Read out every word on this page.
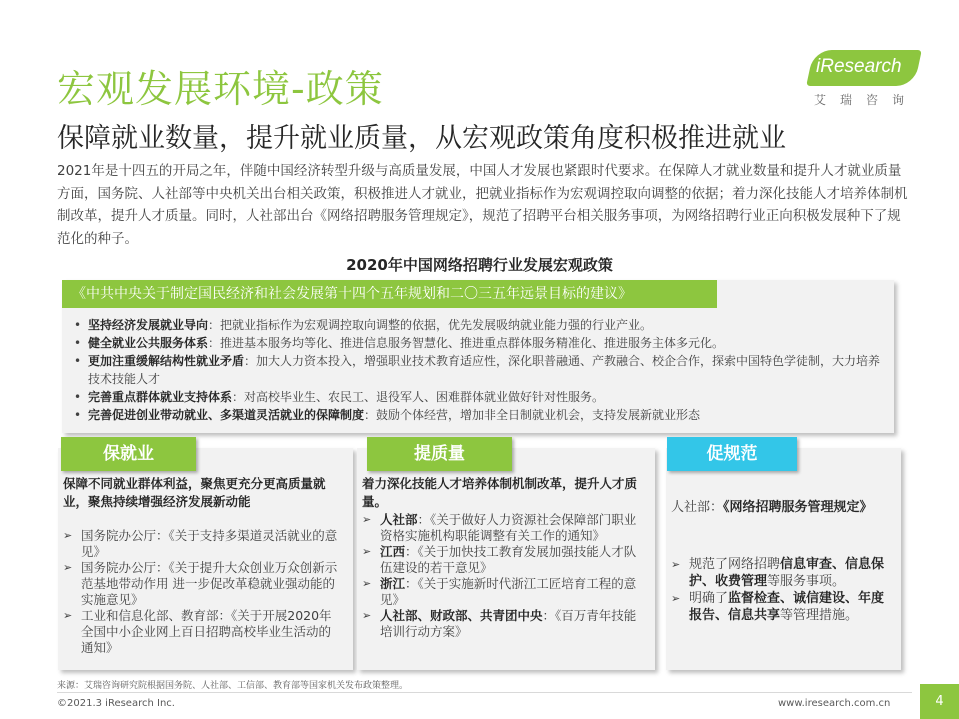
宏观发展环境-政策
iResearch
艾瑞咨询
保障就业数量，提升就业质量，从宏观政策角度积极推进就业
2021年是十四五的开局之年，伴随中国经济转型升级与高质量发展，中国人才发展也紧跟时代要求。在保障人才就业数量和提升人才就业质量方面，国务院、人社部等中央机关出台相关政策，积极推进人才就业，把就业指标作为宏观调控取向调整的依据；着力深化技能人才培养体制机制改革，提升人才质量。同时，人社部出台《网络招聘服务管理规定》，规范了招聘平台相关服务事项，为网络招聘行业正向积极发展种下了规范化的种子。
2020年中国网络招聘行业发展宏观政策
《中共中央关于制定国民经济和社会发展第十四个五年规划和二〇三五年远景目标的建议》
• 坚持经济发展就业导向：把就业指标作为宏观调控取向调整的依据，优先发展吸纳就业能力强的行业产业。
• 健全就业公共服务体系：推进基本服务均等化、推进信息服务智慧化、推进重点群体服务精准化、推进服务主体多元化。
• 更加注重缓解结构性就业矛盾：加大人力资本投入，增强职业技术教育适应性，深化职普融通、产教融合、校企合作，探索中国特色学徒制，大力培养技术技能人才
• 完善重点群体就业支持体系：对高校毕业生、农民工、退役军人、困难群体就业做好针对性服务。
• 完善促进创业带动就业、多渠道灵活就业的保障制度：鼓励个体经营，增加非全日制就业机会，支持发展新就业形态
保就业
保障不同就业群体利益，聚焦更充分更高质量就业，聚焦持续增强经济发展新动能
➢ 国务院办公厅：《关于支持多渠道灵活就业的意见》
➢ 国务院办公厅：《关于提升大众创业万众创新示范基地带动作用 进一步促改革稳就业强动能的实施意见》
➢ 工业和信息化部、教育部：《关于开展2020年全国中小企业网上百日招聘高校毕业生活动的通知》
提质量
着力深化技能人才培养体制机制改革，提升人才质量。
➢ 人社部：《关于做好人力资源社会保障部门职业资格实施机构职能调整有关工作的通知》
➢ 江西：《关于加快技工教育发展加强技能人才队伍建设的若干意见》
➢ 浙江：《关于实施新时代浙江工匠培育工程的意见》
➢ 人社部、财政部、共青团中央：《百万青年技能培训行动方案》
促规范
人社部：《网络招聘服务管理规定》
➢ 规范了网络招聘信息审查、信息保护、收费管理等服务事项。
➢ 明确了监督检查、诚信建设、年度报告、信息共享等管理措施。
来源：艾瑞咨询研究院根据国务院、人社部、工信部、教育部等国家机关发布政策整理。
©2021.3 iResearch Inc.	www.iresearch.com.cn	4
